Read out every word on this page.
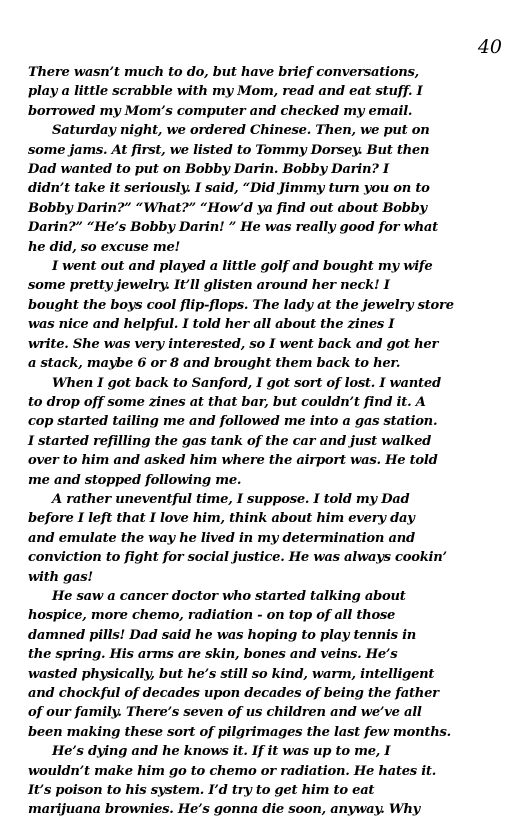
40
There wasn’t much to do, but have brief conversations,
play a little scrabble with my Mom, read and eat stuff. I
borrowed my Mom’s computer and checked my email.
Saturday night, we ordered Chinese. Then, we put on
some jams. At first, we listed to Tommy Dorsey. But then
Dad wanted to put on Bobby Darin. Bobby Darin? I
didn’t take it seriously. I said, “Did Jimmy turn you on to
Bobby Darin?” “What?” “How’d ya find out about Bobby
Darin?” “He’s Bobby Darin! ” He was really good for what
he did, so excuse me!
I went out and played a little golf and bought my wife
some pretty jewelry. It’ll glisten around her neck! I
bought the boys cool flip-flops. The lady at the jewelry store
was nice and helpful. I told her all about the zines I
write. She was very interested, so I went back and got her
a stack, maybe 6 or 8 and brought them back to her.
When I got back to Sanford, I got sort of lost. I wanted
to drop off some zines at that bar, but couldn’t find it. A
cop started tailing me and followed me into a gas station.
I started refilling the gas tank of the car and just walked
over to him and asked him where the airport was. He told
me and stopped following me.
A rather uneventful time, I suppose. I told my Dad
before I left that I love him, think about him every day
and emulate the way he lived in my determination and
conviction to fight for social justice. He was always cookin’
with gas!
He saw a cancer doctor who started talking about
hospice, more chemo, radiation - on top of all those
damned pills! Dad said he was hoping to play tennis in
the spring. His arms are skin, bones and veins. He’s
wasted physically, but he’s still so kind, warm, intelligent
and chockful of decades upon decades of being the father
of our family. There’s seven of us children and we’ve all
been making these sort of pilgrimages the last few months.
He’s dying and he knows it. If it was up to me, I
wouldn’t make him go to chemo or radiation. He hates it.
It’s poison to his system. I’d try to get him to eat
marijuana brownies. He’s gonna die soon, anyway. Why
